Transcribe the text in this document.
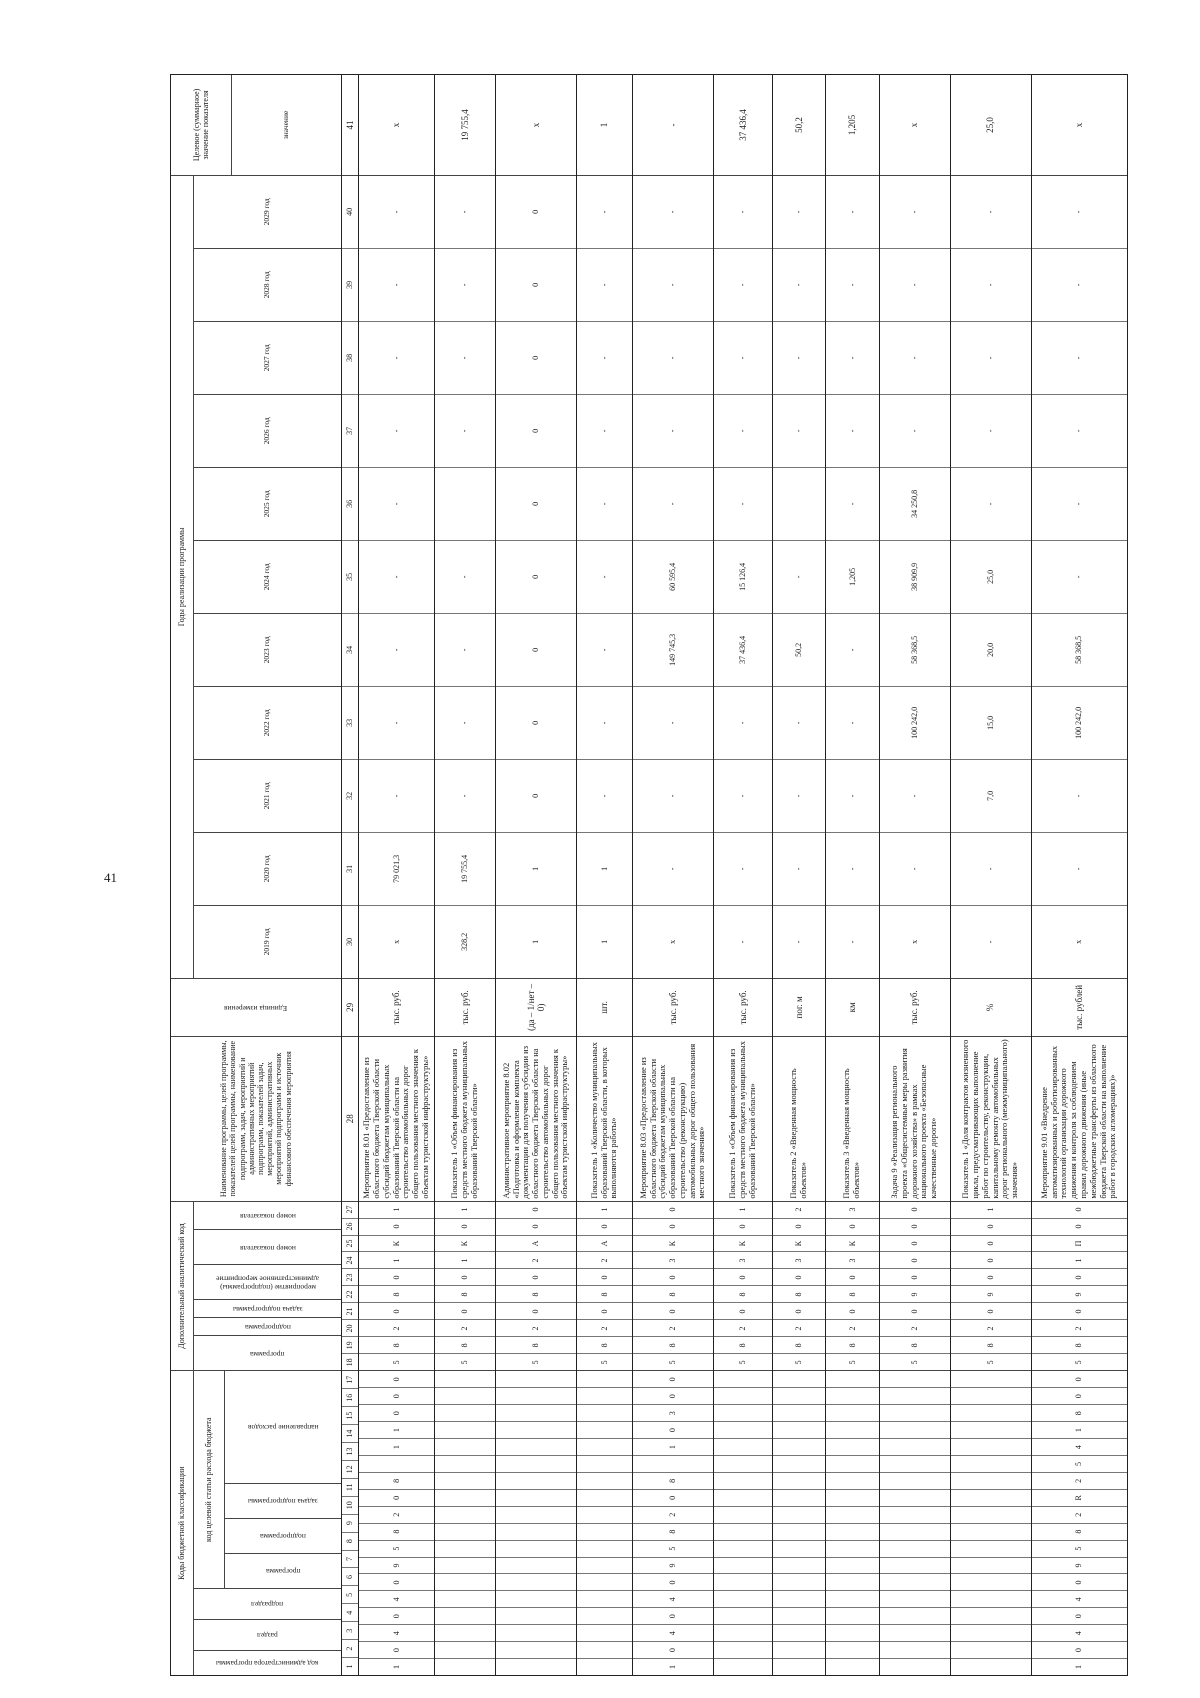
41
Коды бюджетной классификации
код администратора программы
раздел
подраздел
код целевой статьи расхода бюджета
программа
подпрограмма
задача подпрограммы
направление расходов
Дополнительный аналитический код
программа
подпрограмма
задача подпрограммы
мероприятие (подпрограммы) административное мероприятие
номер показателя
номер показателя
Наименование программы, целей программы, показателей целей программы, наименование подпрограмм, задач, мероприятий и административных мероприятий подпрограмм, показателей задач, мероприятий, административных мероприятий подпрограмм и источник финансового обеспечения мероприятия
Единица измерения
Годы реализации программы
2019 год
2020 год
2021 год
2022 год
2023 год
2024 год
2025 год
2026 год
2027 год
2028 год
2029 год
Целевое (суммарное) значение показателя	значение
1
2
3
4
5
6
7
8
9
10
11
12
13
14
15
16
17
18
19
20
21
22
23
24
25
26
27
28
29
30
31
32
33
34
35
36
37
38
39
40
41
1
0
4
0
4
0
9
5
8
2
0
8
1
1
0
0
0
5
8
2
0
8
0
1
К
0
1
Мероприятие 8.01 «Предоставление из областного бюджета Тверской области субсидий бюджетам муниципальных образований Тверской области на строительство автомобильных дорог общего пользования местного значения к объектам туристской инфраструктуры»
тыс. руб.
х
79 021,3
-
-
-
-
-
-
-
-
-
х
5
8
2
0
8
0
1
К
0
1
Показатель 1 «Объем финансирования из средств местного бюджета муниципальных образований Тверской области»
тыс. руб.
328,2
19 755,4
-
-
-
-
-
-
-
-
19 755,4
5
8
2
0
8
0
2
А
0
0
Административное мероприятие 8.02 «Подготовка и оформление комплекта документации для получения субсидии из областного бюджета Тверской области на строительство автомобильных дорог общего пользования местного значения к объектам туристской инфраструктуры»
(да – 1/нет – 0)
1
1
0
0
0
0
0
0
0
0
0
х
5
8
2
0
8
0
2
А
0
1
Показатель 1 «Количество муниципальных образований Тверской области, в которых выполняются работы»
шт.
1
1
-
-
-
-
-
-
-
-
-
1
1
0
4
0
4
0
9
5
8
2
0
8
1
0
3
0
0
5
8
2
0
8
0
3
К
0
0
Мероприятие 8.03 «Предоставление из областного бюджета Тверской области субсидий бюджетам муниципальных образований Тверской области на строительство (реконструкцию) автомобильных дорог общего пользования местного значения»
тыс. руб.
х
-
-
-
149 745,3
60 595,4
-
-
-
-
-
-
5
8
2
0
8
0
3
К
0
1
Показатель 1 «Объем финансирования из средств местного бюджета муниципальных образований Тверской области»
тыс. руб.
-
-
-
-
37 436,4
15 126,4
-
-
-
-
-
37 436,4
5
8
2
0
8
0
3
К
0
2
Показатель 2 «Введенная мощность объектов»
пог. м
-
-
-
-
50,2
-
-
-
-
-
50,2
5
8
2
0
8
0
3
К
0
3
Показатель 3 «Введенная мощность объектов»
км
-
-
-
-
-
1,205
-
-
-
-
-
1,205
5
8
2
0
9
0
0
0
0
0
Задача 9 «Реализация регионального проекта «Общесистемные меры развития дорожного хозяйства» в рамках национального проекта «Безопасные качественные дороги»
тыс. руб.
х
-
-
100 242,0
58 368,5
38 909,9
34 250,8
-
-
-
-
х
5
8
2
0
9
0
0
0
0
1
Показатель 1 «Доля контрактов жизненного цикла, предусматривающих выполнение работ по строительству, реконструкции, капитальному ремонту автомобильных дорог регионального (межмуниципального) значения»
%
-
-
7,0
15,0
20,0
25,0
-
-
-
-
-
25,0
1
0
4
0
4
0
9
5
8
2
R
2
5
4
1
8
0
0
5
8
2
0
9
0
1
П
0
0
Мероприятие 9.01 «Внедрение автоматизированных и роботизированных технологий организации дорожного движения и контроля за соблюдением правил дорожного движения (иные межбюджетные трансферты из областного бюджета Тверской области на выполнение работ в городских агломерациях)»
тыс. рублей
х
-
-
100 242,0
58 368,5
-
-
-
-
-
-
х
